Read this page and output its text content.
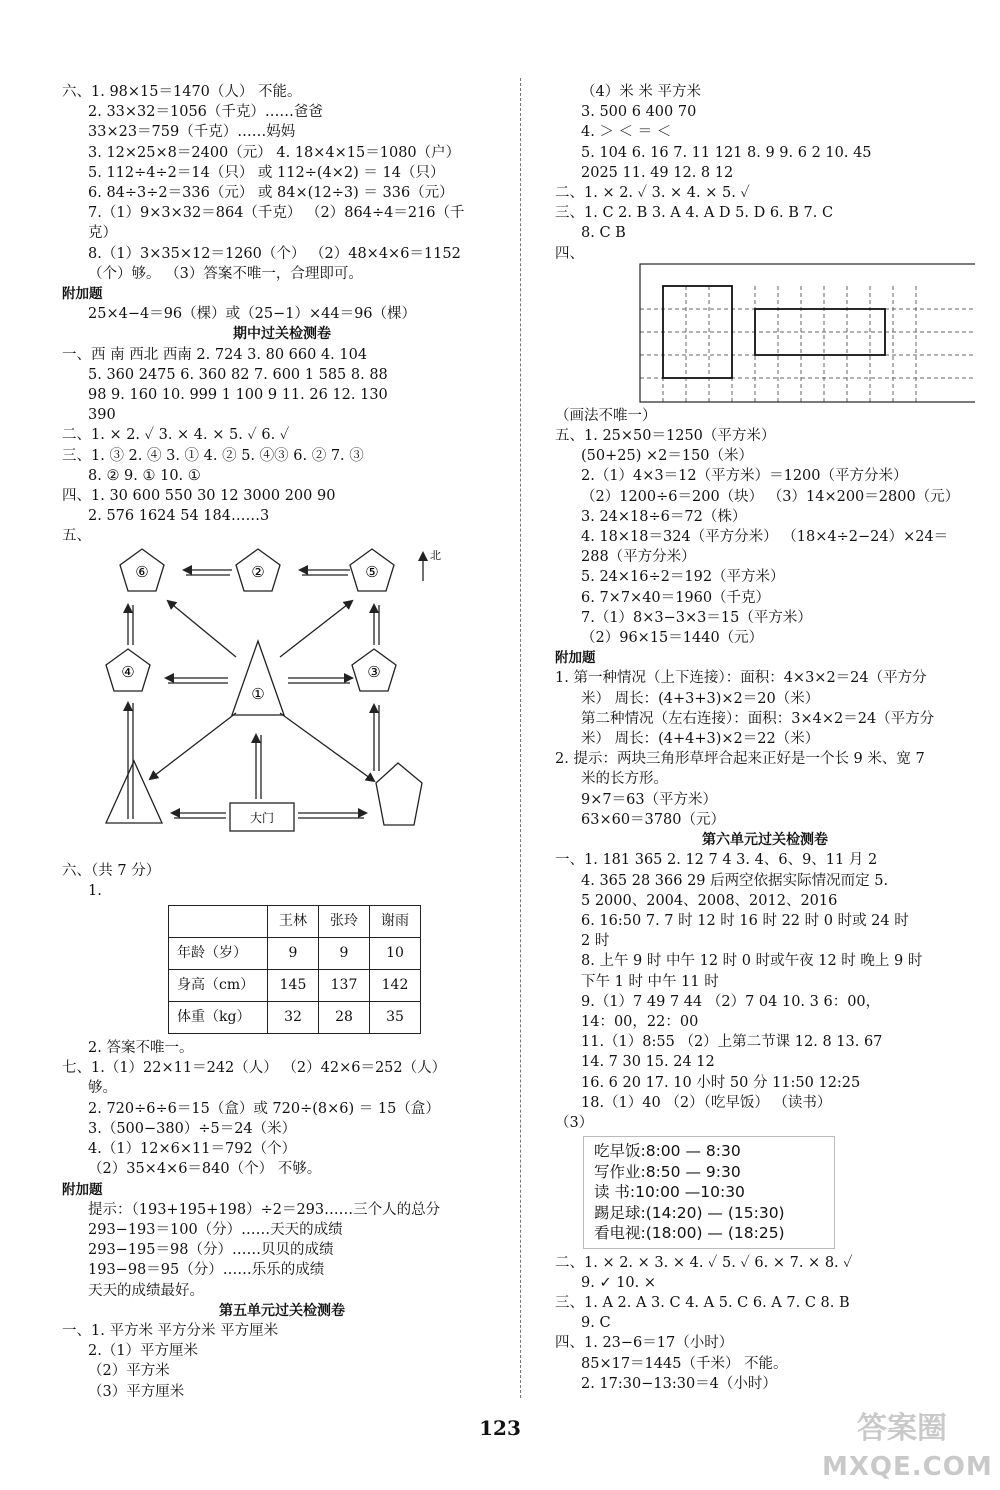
六、1. 98×15＝1470（人） 不能。
2. 33×32＝1056（千克）……爸爸
33×23＝759（千克）……妈妈
3. 12×25×8＝2400（元） 4. 18×4×15＝1080（户）
5. 112÷4÷2＝14（只） 或 112÷(4×2) ＝ 14（只）
6. 84÷3÷2＝336（元） 或 84×(12÷3) ＝ 336（元）
7.（1）9×3×32＝864（千克） （2）864÷4＝216（千
克）
8.（1）3×35×12＝1260（个） （2）48×4×6＝1152
（个）够。 （3）答案不唯一，合理即可。
附加题
25×4−4＝96（棵）或（25−1）×44＝96（棵）
期中过关检测卷
一、西 南 西北 西南 2. 724 3. 80 660 4. 104
5. 360 2475 6. 360 82 7. 600 1 585 8. 88
98 9. 160 10. 999 1 100 9 11. 26 12. 130
390
二、1. × 2. ✓ 3. × 4. × 5. ✓ 6. ✓
三、1. ③ 2. ④ 3. ① 4. ② 5. ④③ 6. ② 7. ③
8. ② 9. ① 10. ①
四、1. 30 600 550 30 12 3000 200 90
2. 576 1624 54 184……3
五、
北
⑥	②	⑤
④
①
③
大门
六、（共 7 分）
1.
	王林	张玲	谢雨
年龄（岁）	9	9	10
身高（cm）	145	137	142
体重（kg）	32	28	35
2. 答案不唯一。
七、1.（1）22×11＝242（人） （2）42×6＝252（人）
够。
2. 720÷6÷6＝15（盒）或 720÷(8×6) ＝ 15（盒）
3.（500−380）÷5＝24（米）
4.（1）12×6×11＝792（个）
（2）35×4×6＝840（个） 不够。
附加题
提示：（193+195+198）÷2＝293……三个人的总分
293−193＝100（分）……天天的成绩
293−195＝98（分）……贝贝的成绩
193−98＝95（分）……乐乐的成绩
天天的成绩最好。
第五单元过关检测卷
一、1. 平方米 平方分米 平方厘米
2.（1）平方厘米
（2）平方米
（3）平方厘米
（4）米 米 平方米
3. 500 6 400 70
4. ＞ ＜ ＝ ＜
5. 104 6. 16 7. 11 121 8. 9 9. 6 2 10. 45
2025 11. 49 12. 8 12
二、1. × 2. ✓ 3. × 4. × 5. ✓
三、1. C 2. B 3. A 4. A D 5. D 6. B 7. C
8. C B
四、
（画法不唯一）
五、1. 25×50＝1250（平方米）
(50+25) ×2＝150（米）
2.（1）4×3＝12（平方米）＝1200（平方分米）
（2）1200÷6＝200（块） （3）14×200＝2800（元）
3. 24×18÷6＝72（株）
4. 18×18＝324（平方分米） （18×4÷2−24）×24＝
288（平方分米）
5. 24×16÷2＝192（平方米）
6. 7×7×40＝1960（千克）
7.（1）8×3−3×3＝15（平方米）
（2）96×15＝1440（元）
附加题
1. 第一种情况（上下连接）：面积：4×3×2＝24（平方分
米） 周长：(4+3+3)×2＝20（米）
第二种情况（左右连接）：面积：3×4×2＝24（平方分
米） 周长：(4+4+3)×2＝22（米）
2. 提示：两块三角形草坪合起来正好是一个长 9 米、宽 7
米的长方形。
9×7＝63（平方米）
63×60＝3780（元）
第六单元过关检测卷
一、1. 181 365 2. 12 7 4 3. 4、6、9、11 月 2
4. 365 28 366 29 后两空依据实际情况而定 5.
5 2000、2004、2008、2012、2016
6. 16:50 7. 7 时 12 时 16 时 22 时 0 时或 24 时
2 时
8. 上午 9 时 中午 12 时 0 时或午夜 12 时 晚上 9 时
下午 1 时 中午 11 时
9.（1）7 49 7 44 （2）7 04 10. 3 6：00，
14：00，22：00
11.（1）8:55 （2）上第二节课 12. 8 13. 67
14. 7 30 15. 24 12
16. 6 20 17. 10 小时 50 分 11:50 12:25
18.（1）40 （2）（吃早饭） （读书）
（3）
吃早饭:8:00 — 8:30
写作业:8:50 — 9:30
读 书:10:00 —10:30
踢足球:(14:20) — (15:30)
看电视:(18:00) — (18:25)
二、1. × 2. × 3. × 4. ✓ 5. ✓ 6. × 7. × 8. ✓
9. ✓ 10. ×
三、1. A 2. A 3. C 4. A 5. C 6. A 7. C 8. B
9. C
四、1. 23−6＝17（小时）
85×17＝1445（千米） 不能。
2. 17:30−13:30＝4（小时）
123	答案圈
MXQE.COM
